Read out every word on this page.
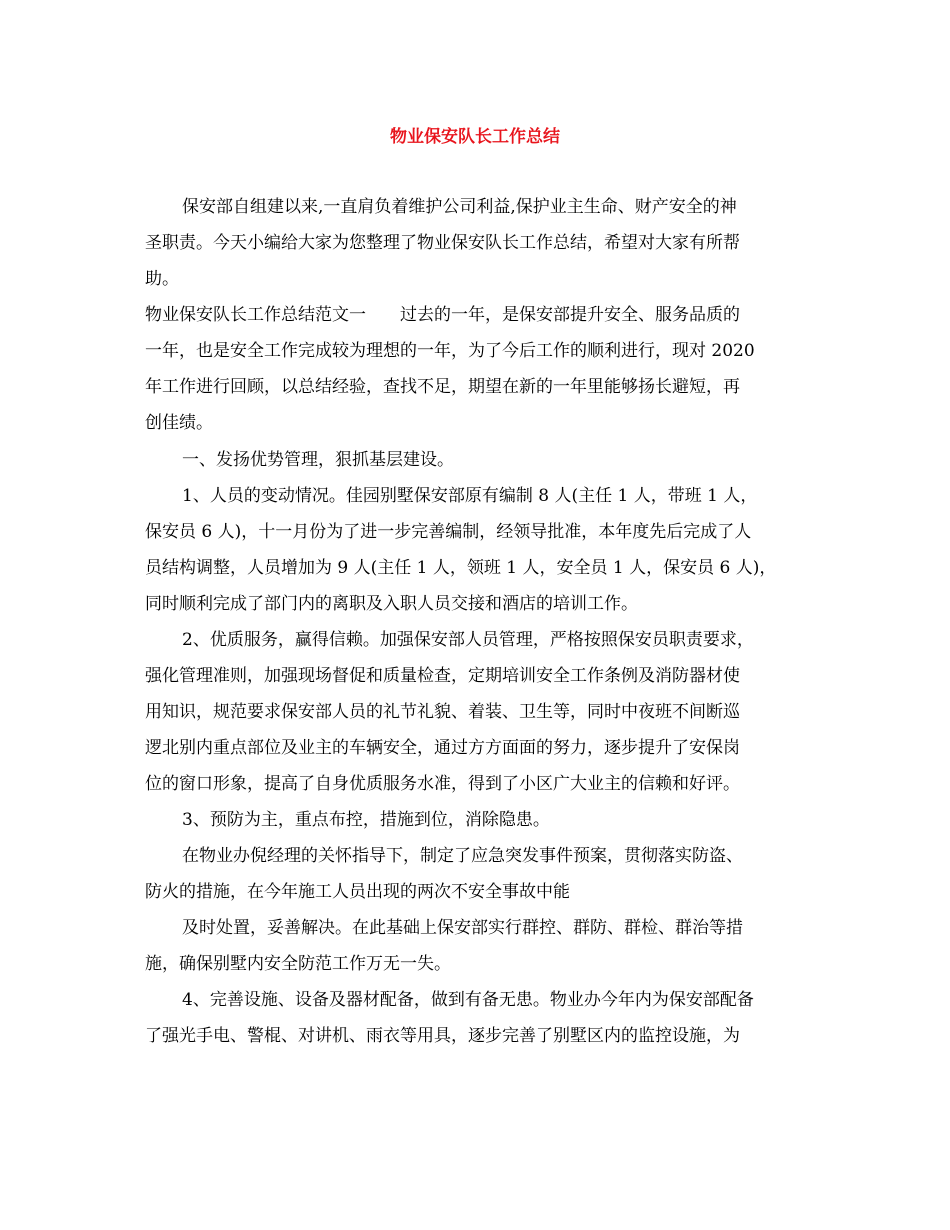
物业保安队长工作总结

保安部自组建以来,一直肩负着维护公司利益,保护业主生命、财产安全的神

圣职责。今天小编给大家为您整理了物业保安队长工作总结，希望对大家有所帮

助。

物业保安队长工作总结范文一　　过去的一年，是保安部提升安全、服务品质的

一年，也是安全工作完成较为理想的一年，为了今后工作的顺利进行，现对 2020

年工作进行回顾，以总结经验，查找不足，期望在新的一年里能够扬长避短，再

创佳绩。

一、发扬优势管理，狠抓基层建设。

1、人员的变动情况。佳园别墅保安部原有编制 8 人(主任 1 人，带班 1 人，

保安员 6 人)，十一月份为了进一步完善编制，经领导批准，本年度先后完成了人

员结构调整，人员增加为 9 人(主任 1 人，领班 1 人，安全员 1 人，保安员 6 人)，

同时顺利完成了部门内的离职及入职人员交接和酒店的培训工作。

2、优质服务，赢得信赖。加强保安部人员管理，严格按照保安员职责要求，

强化管理准则，加强现场督促和质量检查，定期培训安全工作条例及消防器材使

用知识，规范要求保安部人员的礼节礼貌、着装、卫生等，同时中夜班不间断巡

逻北别内重点部位及业主的车辆安全，通过方方面面的努力，逐步提升了安保岗

位的窗口形象，提高了自身优质服务水准，得到了小区广大业主的信赖和好评。

3、预防为主，重点布控，措施到位，消除隐患。

在物业办倪经理的关怀指导下，制定了应急突发事件预案，贯彻落实防盗、

防火的措施，在今年施工人员出现的两次不安全事故中能

及时处置，妥善解决。在此基础上保安部实行群控、群防、群检、群治等措

施，确保别墅内安全防范工作万无一失。

4、完善设施、设备及器材配备，做到有备无患。物业办今年内为保安部配备

了强光手电、警棍、对讲机、雨衣等用具，逐步完善了别墅区内的监控设施，为
